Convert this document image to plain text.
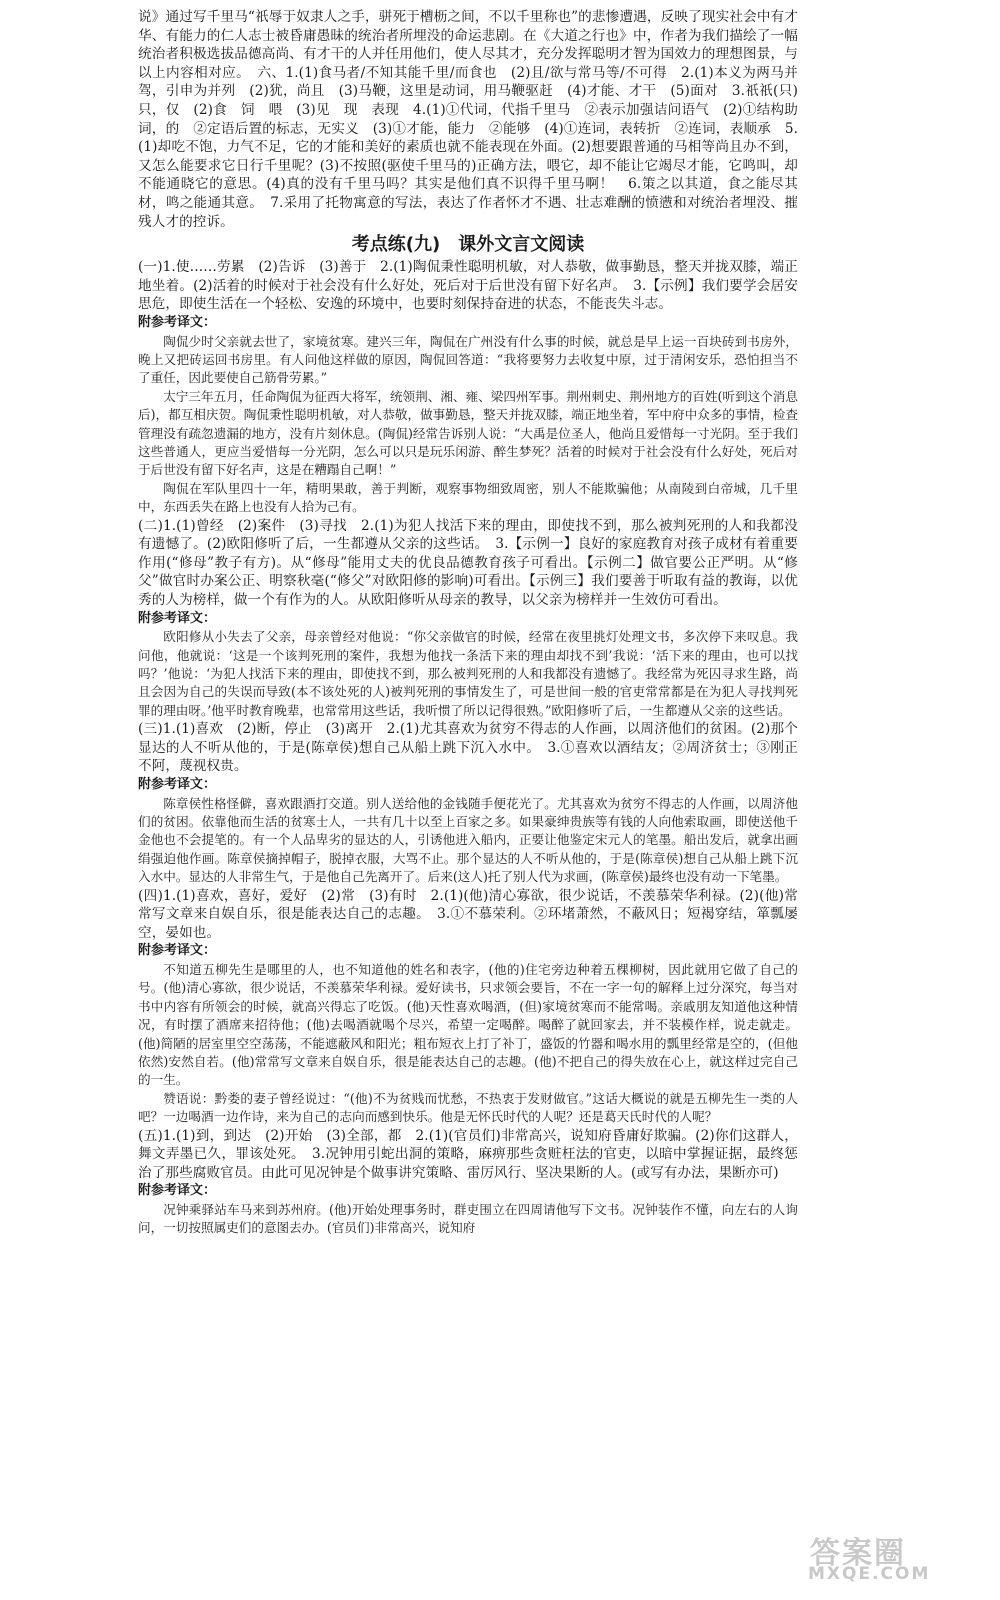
说》通过写千里马“祇辱于奴隶人之手，骈死于槽枥之间，不以千里称也”的悲惨遭遇，反映了现实社会中有才华、有能力的仁人志士被昏庸愚昧的统治者所埋没的命运悲剧。在《大道之行也》中，作者为我们描绘了一幅统治者积极选拔品德高尚、有才干的人并任用他们，使人尽其才，充分发挥聪明才智为国效力的理想图景，与以上内容相对应。　六、1.(1)食马者/不知其能千里/而食也　(2)且/欲与常马等/不可得　2.(1)本义为两马并驾，引申为并列　(2)犹，尚且　(3)马鞭，这里是动词，用马鞭驱赶　(4)才能、才干　(5)面对　3.祇祇(只)　只，仅　(2)食　饲　喂　(3)见　现　表现　4.(1)①代词，代指千里马　②表示加强诘问语气　(2)①结构助词，的　②定语后置的标志，无实义　(3)①才能，能力　②能够　(4)①连词，表转折　②连词，表顺承　5.(1)却吃不饱，力气不足，它的才能和美好的素质也就不能表现在外面。(2)想要跟普通的马相等尚且办不到，又怎么能要求它日行千里呢？(3)不按照(驱使千里马的)正确方法，喂它，却不能让它竭尽才能，它鸣叫，却不能通晓它的意思。(4)真的没有千里马吗？其实是他们真不识得千里马啊！　6.策之以其道，食之能尽其材，鸣之能通其意。　7.采用了托物寓意的写法，表达了作者怀才不遇、壮志难酬的愤懑和对统治者埋没、摧残人才的控诉。

考点练(九)　课外文言文阅读

(一)1.使……劳累　(2)告诉　(3)善于　2.(1)陶侃秉性聪明机敏，对人恭敬，做事勤恳，整天并拢双膝，端正地坐着。(2)活着的时候对于社会没有什么好处，死后对于后世没有留下好名声。　3.【示例】我们要学会居安思危，即使生活在一个轻松、安逸的环境中，也要时刻保持奋进的状态，不能丧失斗志。

附参考译文：

陶侃少时父亲就去世了，家境贫寒。建兴三年，陶侃在广州没有什么事的时候，就总是早上运一百块砖到书房外，晚上又把砖运回书房里。有人问他这样做的原因，陶侃回答道：“我将要努力去收复中原，过于清闲安乐，恐怕担当不了重任，因此要使自己筋骨劳累。”

太宁三年五月，任命陶侃为征西大将军，统领荆、湘、雍、梁四州军事。荆州刺史、荆州地方的百姓(听到这个消息后)，都互相庆贺。陶侃秉性聪明机敏，对人恭敬，做事勤恳，整天并拢双膝，端正地坐着，军中府中众多的事情，检查管理没有疏忽遗漏的地方，没有片刻休息。(陶侃)经常告诉别人说：“大禹是位圣人，他尚且爱惜每一寸光阴。至于我们这些普通人，更应当爱惜每一分光阴，怎么可以只是玩乐闲游、醉生梦死？活着的时候对于社会没有什么好处，死后对于后世没有留下好名声，这是在糟蹋自己啊！”

陶侃在军队里四十一年，精明果敢，善于判断，观察事物细致周密，别人不能欺骗他；从南陵到白帝城，几千里中，东西丢失在路上也没有人拾为己有。

(二)1.(1)曾经　(2)案件　(3)寻找　2.(1)为犯人找活下来的理由，即使找不到，那么被判死刑的人和我都没有遗憾了。(2)欧阳修听了后，一生都遵从父亲的这些话。　3.【示例一】良好的家庭教育对孩子成材有着重要作用(“修母”教子有方)。从“修母”能用丈夫的优良品德教育孩子可看出。【示例二】做官要公正严明。从“修父”做官时办案公正、明察秋毫(“修父”对欧阳修的影响)可看出。【示例三】我们要善于听取有益的教诲，以优秀的人为榜样，做一个有作为的人。从欧阳修听从母亲的教导，以父亲为榜样并一生效仿可看出。

附参考译文：

欧阳修从小失去了父亲，母亲曾经对他说：“你父亲做官的时候，经常在夜里挑灯处理文书，多次停下来叹息。我问他，他就说：‘这是一个该判死刑的案件，我想为他找一条活下来的理由却找不到’我说：‘活下来的理由，也可以找吗？’他说：‘为犯人找活下来的理由，即使找不到，那么被判死刑的人和我都没有遗憾了。我经常为死囚寻求生路，尚且会因为自己的失误而导致(本不该处死的人)被判死刑的事情发生了，可是世间一般的官吏常常都是在为犯人寻找判死罪的理由呀。’他平时教育晚辈，也常常用这些话，我听惯了所以记得很熟。”欧阳修听了后，一生都遵从父亲的这些话。

(三)1.(1)喜欢　(2)断，停止　(3)离开　2.(1)尤其喜欢为贫穷不得志的人作画，以周济他们的贫困。(2)那个显达的人不听从他的，于是(陈章侯)想自己从船上跳下沉入水中。　3.①喜欢以酒结友；②周济贫士；③刚正不阿，蔑视权贵。

附参考译文：

陈章侯性格怪僻，喜欢跟酒打交道。别人送给他的金钱随手便花光了。尤其喜欢为贫穷不得志的人作画，以周济他们的贫困。依靠他而生活的贫寒士人，一共有几十以至上百家之多。如果豪绅贵族等有钱的人向他索取画，即使送他千金他也不会提笔的。有一个人品卑劣的显达的人，引诱他进入船内，正要让他鉴定宋元人的笔墨。船出发后，就拿出画绢强迫他作画。陈章侯摘掉帽子，脱掉衣服，大骂不止。那个显达的人不听从他的，于是(陈章侯)想自己从船上跳下沉入水中。显达的人非常生气，于是他自己先离开了。后来(这人)托了别人代为求画，(陈章侯)最终也没有动一下笔墨。

(四)1.(1)喜欢，喜好，爱好　(2)常　(3)有时　2.(1)(他)清心寡欲，很少说话，不羡慕荣华利禄。(2)(他)常常写文章来自娱自乐，很是能表达自己的志趣。　3.①不慕荣利。②环堵萧然，不蔽风日；短褐穿结，箪瓢屡空，晏如也。

附参考译文：

不知道五柳先生是哪里的人，也不知道他的姓名和表字，(他的)住宅旁边种着五棵柳树，因此就用它做了自己的号。(他)清心寡欲，很少说话，不羡慕荣华利禄。爱好读书，只求领会要旨，不在一字一句的解释上过分深究，每当对书中内容有所领会的时候，就高兴得忘了吃饭。(他)天性喜欢喝酒，(但)家境贫寒而不能常喝。亲戚朋友知道他这种情况，有时摆了酒席来招待他；(他)去喝酒就喝个尽兴，希望一定喝醉。喝醉了就回家去，并不装模作样，说走就走。(他)简陋的居室里空空荡荡，不能遮蔽风和阳光；粗布短衣上打了补丁，盛饭的竹器和喝水用的瓢里经常是空的，(但他依然)安然自若。(他)常常写文章来自娱自乐，很是能表达自己的志趣。(他)不把自己的得失放在心上，就这样过完自己的一生。

赞语说：黔娄的妻子曾经说过：“(他)不为贫贱而忧愁，不热衷于发财做官。”这话大概说的就是五柳先生一类的人吧？一边喝酒一边作诗，来为自己的志向而感到快乐。他是无怀氏时代的人呢？还是葛天氏时代的人呢？

(五)1.(1)到，到达　(2)开始　(3)全部，都　2.(1)(官员们)非常高兴，说知府昏庸好欺骗。(2)你们这群人，舞文弄墨已久，罪该处死。　3.况钟用引蛇出洞的策略，麻痹那些贪赃枉法的官吏，以暗中掌握证据，最终惩治了那些腐败官员。由此可见况钟是个做事讲究策略、雷厉风行、坚决果断的人。(或写有办法，果断亦可)

附参考译文：

况钟乘驿站车马来到苏州府。(他)开始处理事务时，群吏围立在四周请他写下文书。况钟装作不懂，向左右的人询问，一切按照属吏们的意图去办。(官员们)非常高兴，说知府

答案圈
MXQE.COM
